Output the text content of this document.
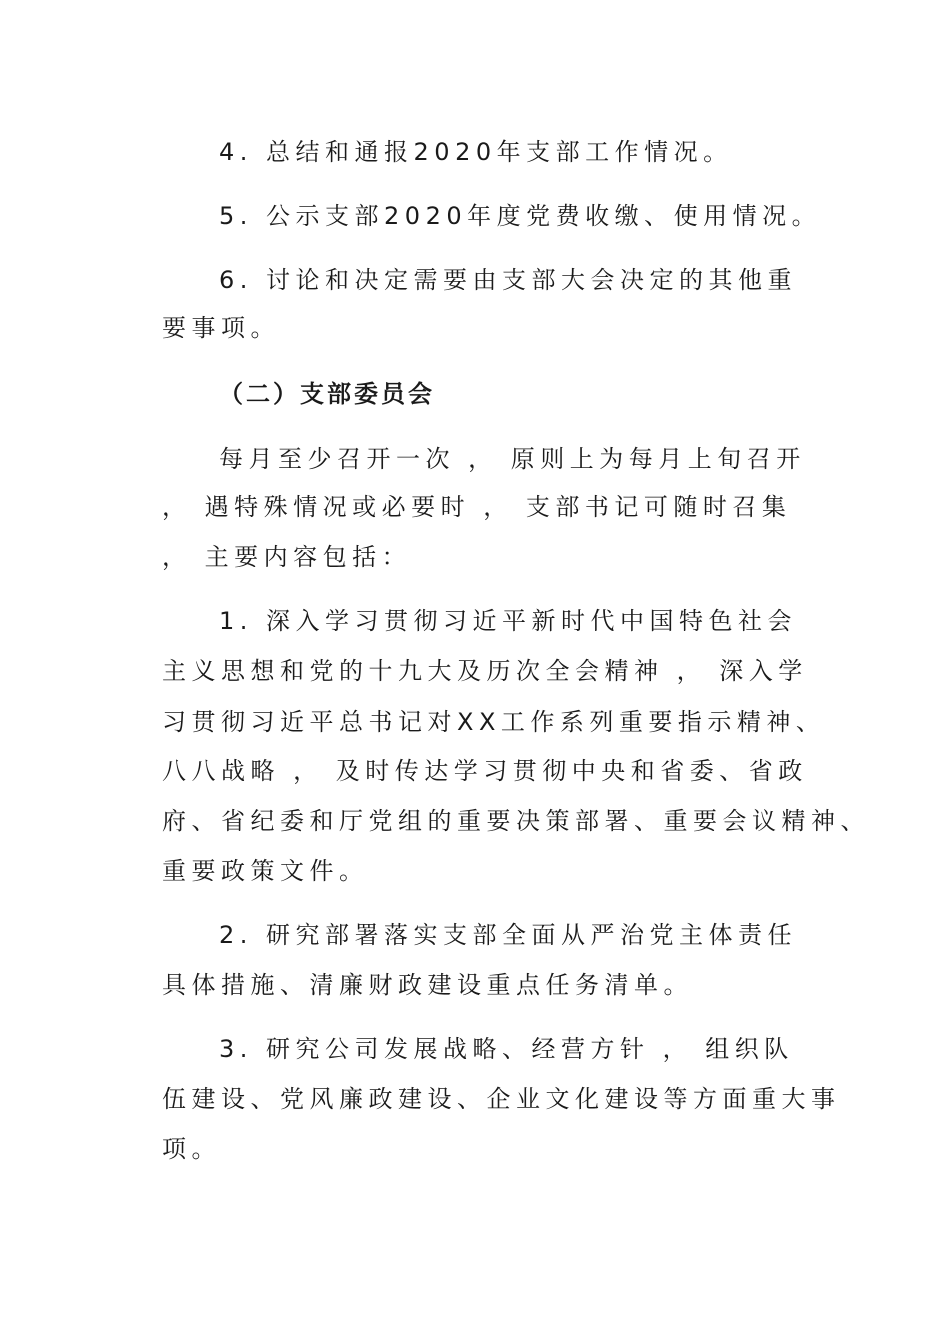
4. 总结和通报2020年支部工作情况。
5. 公示支部2020年度党费收缴、使用情况。
6. 讨论和决定需要由支部大会决定的其他重
要事项。
（二）支部委员会
每月至少召开一次 ， 原则上为每月上旬召开
， 遇特殊情况或必要时 ， 支部书记可随时召集
， 主要内容包括：
1. 深入学习贯彻习近平新时代中国特色社会
主义思想和党的十九大及历次全会精神 ， 深入学
习贯彻习近平总书记对XX工作系列重要指示精神、
八八战略 ， 及时传达学习贯彻中央和省委、省政
府、省纪委和厅党组的重要决策部署、重要会议精神、
重要政策文件。
2. 研究部署落实支部全面从严治党主体责任
具体措施、清廉财政建设重点任务清单。
3. 研究公司发展战略、经营方针 ， 组织队
伍建设、党风廉政建设、企业文化建设等方面重大事
项。
